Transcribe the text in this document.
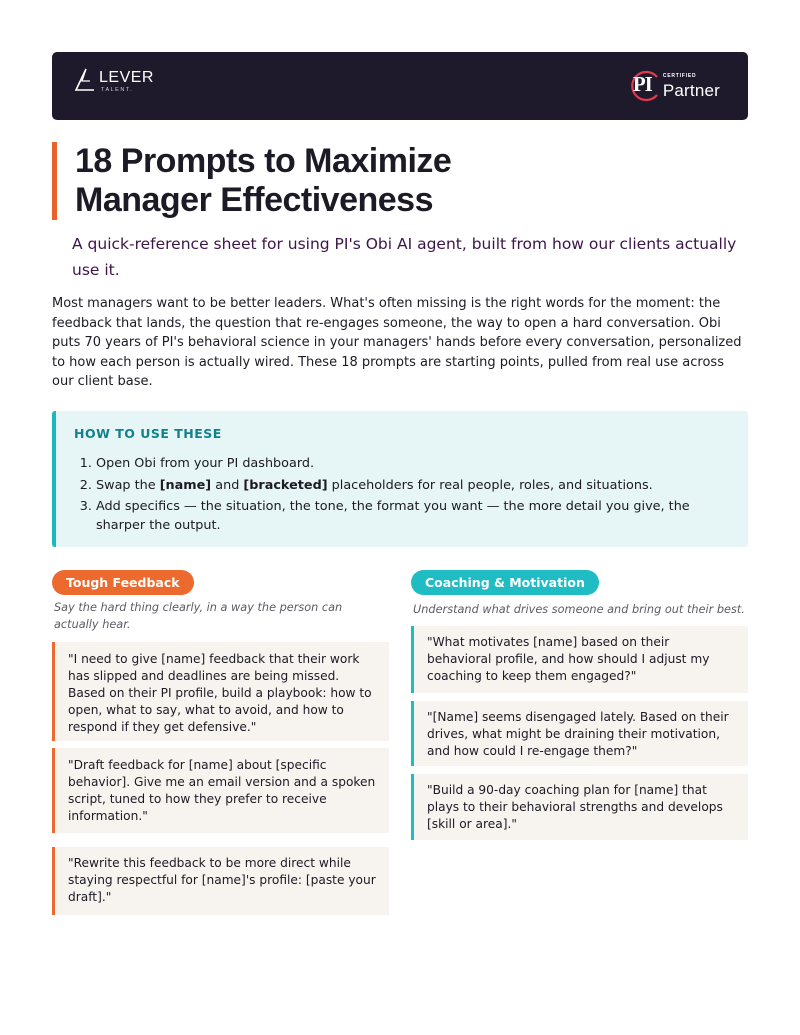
LEVER
TALENT.	PI CERTIFIED
Partner
18 Prompts to Maximize
Manager Effectiveness

A quick-reference sheet for using PI's Obi AI agent, built from how our clients actually use it.

Most managers want to be better leaders. What's often missing is the right words for the moment: the feedback that lands, the question that re-engages someone, the way to open a hard conversation. Obi puts 70 years of PI's behavioral science in your managers' hands before every conversation, personalized to how each person is actually wired. These 18 prompts are starting points, pulled from real use across our client base.

HOW TO USE THESE
1. Open Obi from your PI dashboard.
2. Swap the [name] and [bracketed] placeholders for real people, roles, and situations.
3. Add specifics — the situation, the tone, the format you want — the more detail you give, the sharper the output.
Tough Feedback

Say the hard thing clearly, in a way the person can actually hear.

"I need to give [name] feedback that their work has slipped and deadlines are being missed. Based on their PI profile, build a playbook: how to open, what to say, what to avoid, and how to respond if they get defensive."
"Draft feedback for [name] about [specific behavior]. Give me an email version and a spoken script, tuned to how they prefer to receive information."
"Rewrite this feedback to be more direct while staying respectful for [name]'s profile: [paste your draft]."
Coaching & Motivation

Understand what drives someone and bring out their best.

"What motivates [name] based on their behavioral profile, and how should I adjust my coaching to keep them engaged?"
"[Name] seems disengaged lately. Based on their drives, what might be draining their motivation, and how could I re-engage them?"
"Build a 90-day coaching plan for [name] that plays to their behavioral strengths and develops [skill or area]."
